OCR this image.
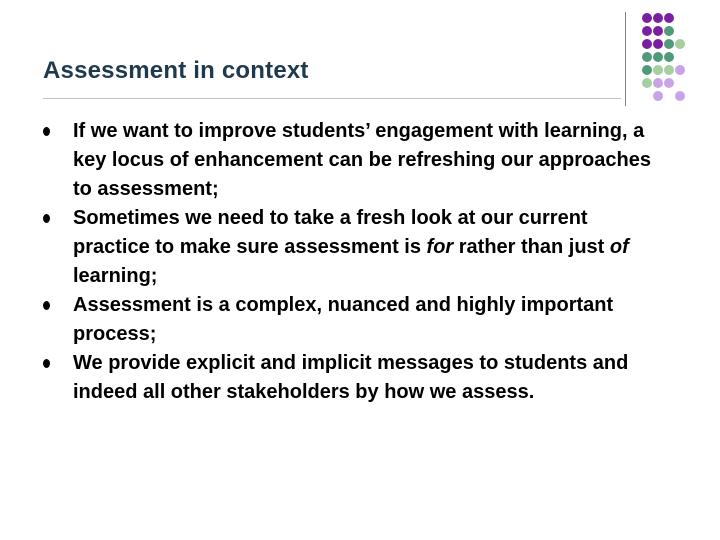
Assessment in context
If we want to improve students’ engagement with learning, a key locus of enhancement can be refreshing our approaches to assessment;
Sometimes we need to take a fresh look at our current practice to make sure assessment is for rather than just of learning;
Assessment is a complex, nuanced and highly important process;
We provide explicit and implicit messages to students and indeed all other stakeholders by how we assess.
